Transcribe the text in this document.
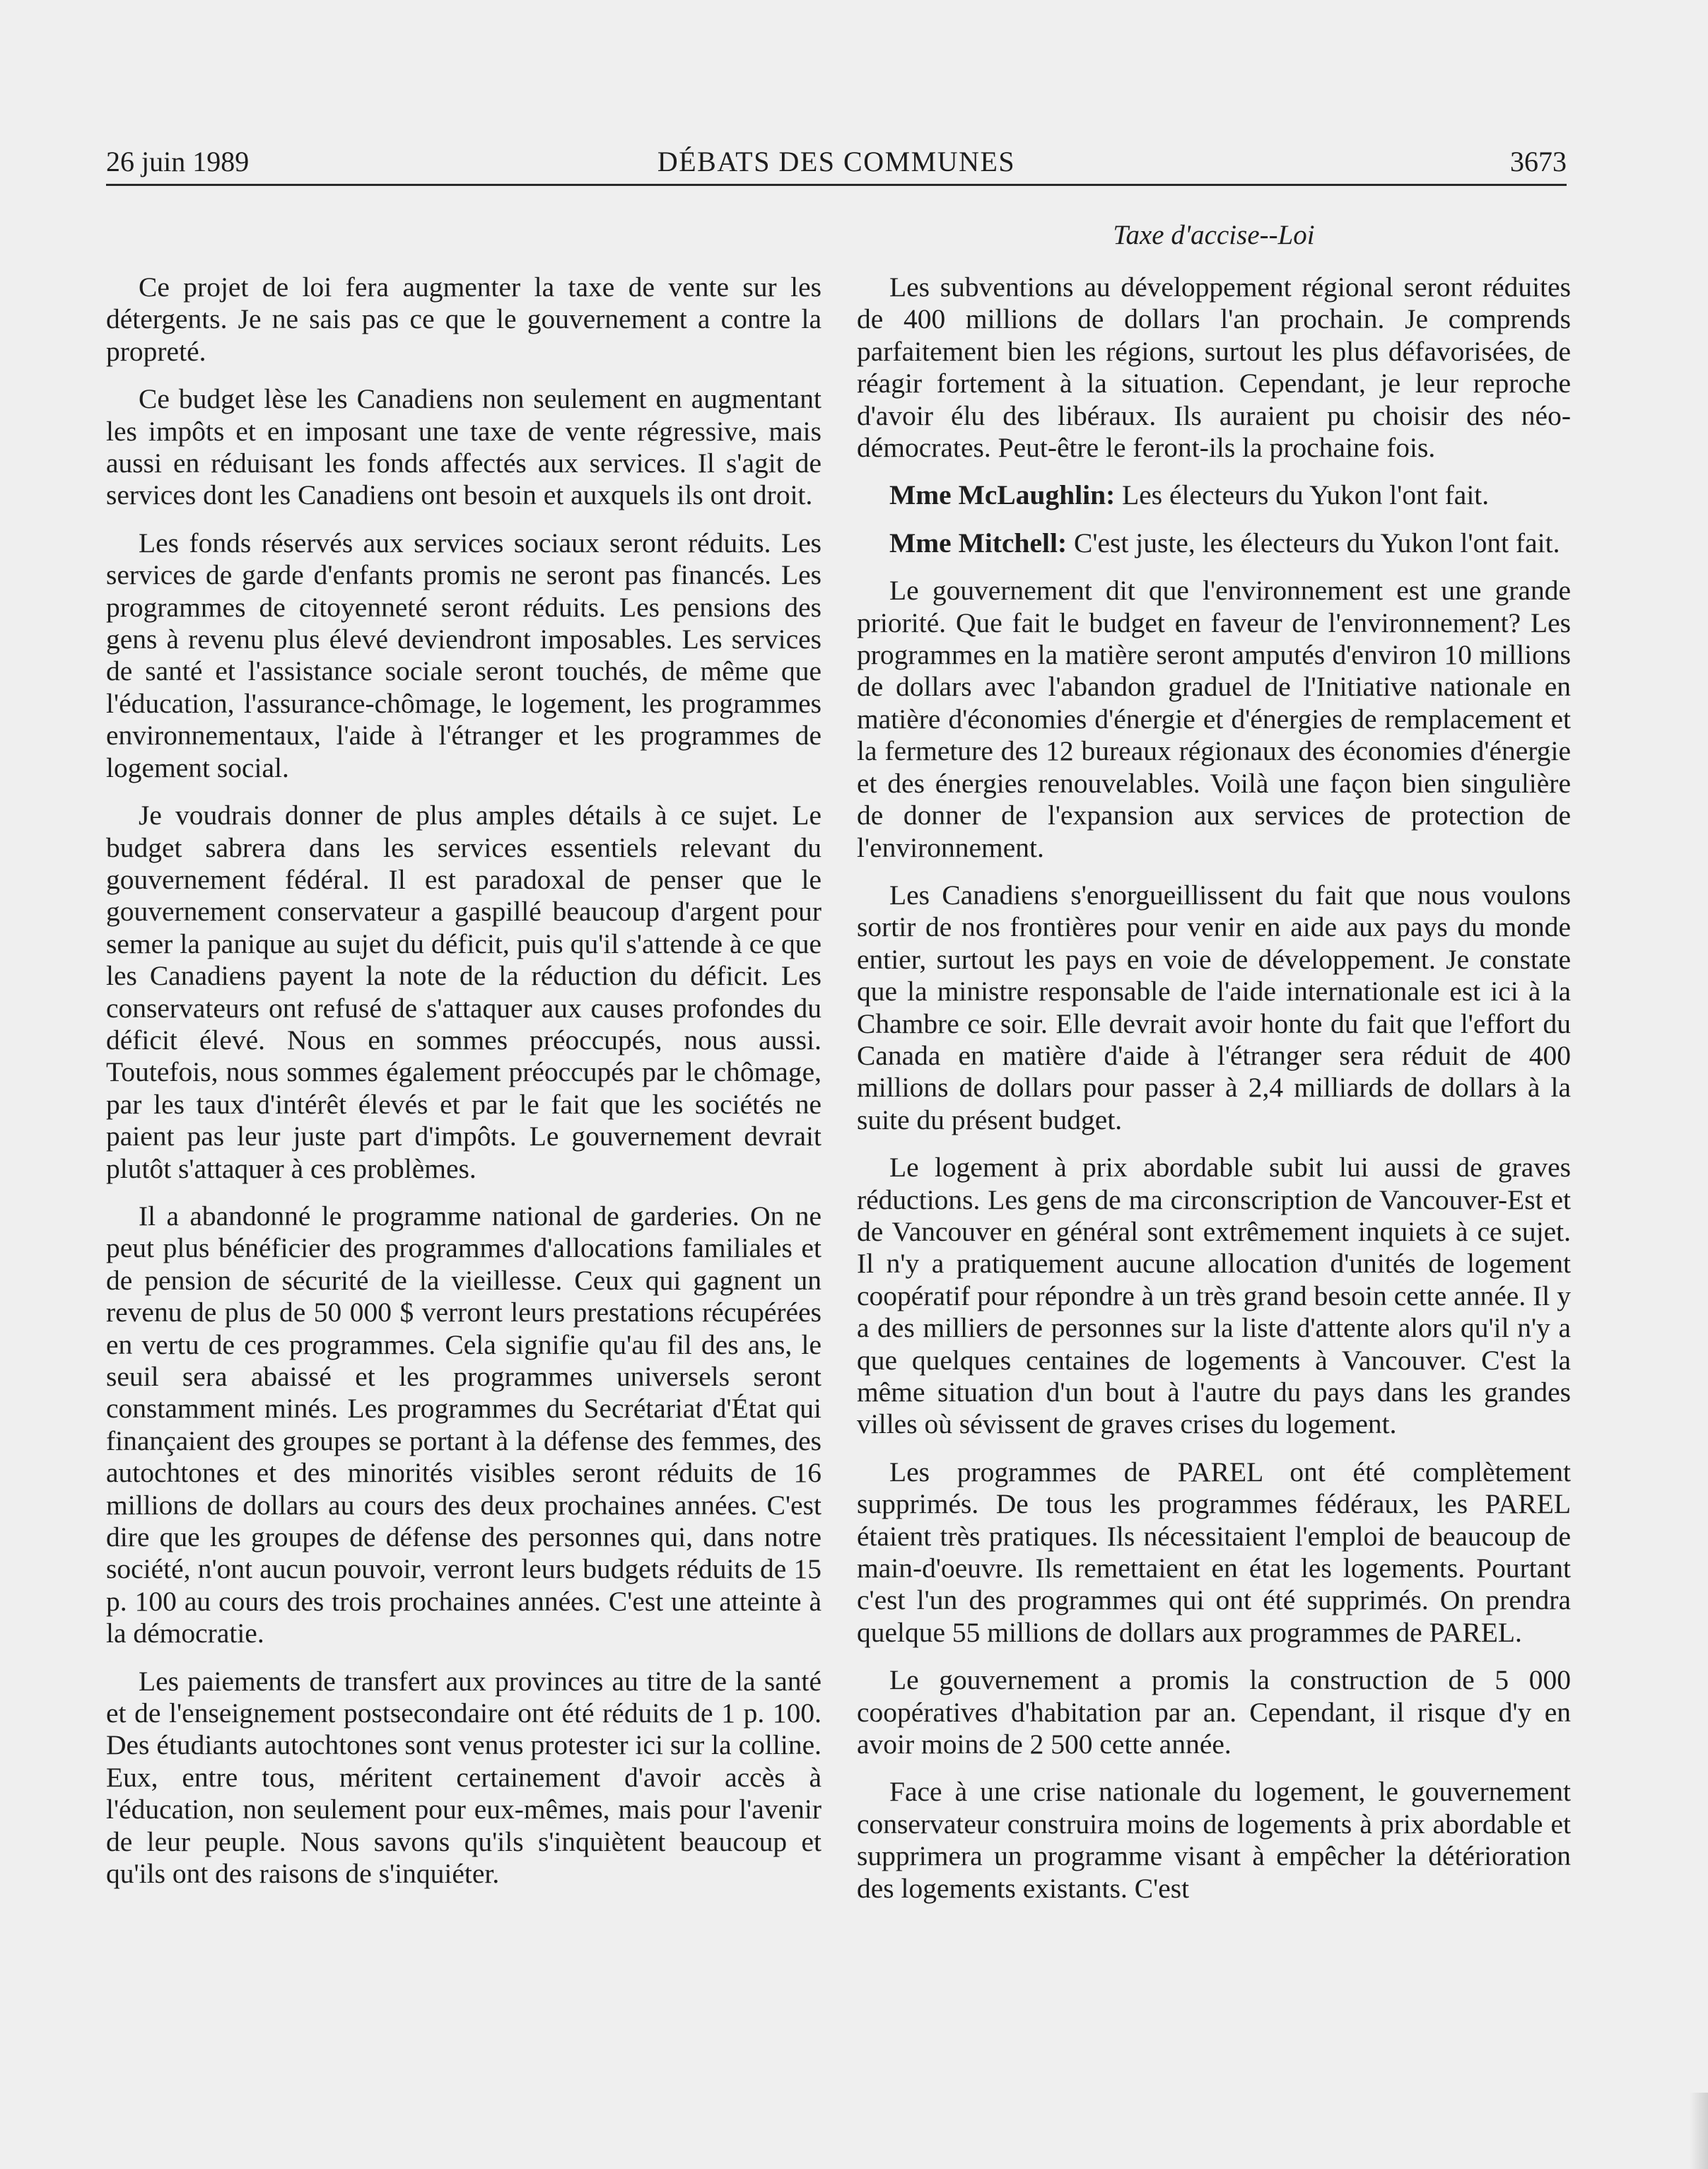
26 juin 1989	DÉBATS DES COMMUNES	3673
Taxe d'accise--Loi

Ce projet de loi fera augmenter la taxe de vente sur les détergents. Je ne sais pas ce que le gouvernement a contre la propreté.

Ce budget lèse les Canadiens non seulement en augmentant les impôts et en imposant une taxe de vente régressive, mais aussi en réduisant les fonds affectés aux services. Il s'agit de services dont les Canadiens ont besoin et auxquels ils ont droit.

Les fonds réservés aux services sociaux seront réduits. Les services de garde d'enfants promis ne seront pas financés. Les programmes de citoyenneté seront réduits. Les pensions des gens à revenu plus élevé deviendront imposables. Les services de santé et l'assistance sociale seront touchés, de même que l'éducation, l'assurance-chômage, le logement, les programmes environnementaux, l'aide à l'étranger et les programmes de logement social.

Je voudrais donner de plus amples détails à ce sujet. Le budget sabrera dans les services essentiels relevant du gouvernement fédéral. Il est paradoxal de penser que le gouvernement conservateur a gaspillé beaucoup d'argent pour semer la panique au sujet du déficit, puis qu'il s'attende à ce que les Canadiens payent la note de la réduction du déficit. Les conservateurs ont refusé de s'attaquer aux causes profondes du déficit élevé. Nous en sommes préoccupés, nous aussi. Toutefois, nous sommes également préoccupés par le chômage, par les taux d'intérêt élevés et par le fait que les sociétés ne paient pas leur juste part d'impôts. Le gouvernement devrait plutôt s'attaquer à ces problèmes.

Il a abandonné le programme national de garderies. On ne peut plus bénéficier des programmes d'allocations familiales et de pension de sécurité de la vieillesse. Ceux qui gagnent un revenu de plus de 50 000 $ verront leurs prestations récupérées en vertu de ces programmes. Cela signifie qu'au fil des ans, le seuil sera abaissé et les programmes universels seront constamment minés. Les programmes du Secrétariat d'État qui finançaient des groupes se portant à la défense des femmes, des autochtones et des minorités visibles seront réduits de 16 millions de dollars au cours des deux prochaines années. C'est dire que les groupes de défense des personnes qui, dans notre société, n'ont aucun pouvoir, verront leurs budgets réduits de 15 p. 100 au cours des trois prochaines années. C'est une atteinte à la démocratie.

Les paiements de transfert aux provinces au titre de la santé et de l'enseignement postsecondaire ont été réduits de 1 p. 100. Des étudiants autochtones sont venus protester ici sur la colline. Eux, entre tous, méritent certainement d'avoir accès à l'éducation, non seulement pour eux-mêmes, mais pour l'avenir de leur peuple. Nous savons qu'ils s'inquiètent beaucoup et qu'ils ont des raisons de s'inquiéter.

Les subventions au développement régional seront réduites de 400 millions de dollars l'an prochain. Je comprends parfaitement bien les régions, surtout les plus défavorisées, de réagir fortement à la situation. Cependant, je leur reproche d'avoir élu des libéraux. Ils auraient pu choisir des néo-démocrates. Peut-être le feront-ils la prochaine fois.

Mme McLaughlin: Les électeurs du Yukon l'ont fait.

Mme Mitchell: C'est juste, les électeurs du Yukon l'ont fait.

Le gouvernement dit que l'environnement est une grande priorité. Que fait le budget en faveur de l'environnement? Les programmes en la matière seront amputés d'environ 10 millions de dollars avec l'abandon graduel de l'Initiative nationale en matière d'économies d'énergie et d'énergies de remplacement et la fermeture des 12 bureaux régionaux des économies d'énergie et des énergies renouvelables. Voilà une façon bien singulière de donner de l'expansion aux services de protection de l'environnement.

Les Canadiens s'enorgueillissent du fait que nous voulons sortir de nos frontières pour venir en aide aux pays du monde entier, surtout les pays en voie de développement. Je constate que la ministre responsable de l'aide internationale est ici à la Chambre ce soir. Elle devrait avoir honte du fait que l'effort du Canada en matière d'aide à l'étranger sera réduit de 400 millions de dollars pour passer à 2,4 milliards de dollars à la suite du présent budget.

Le logement à prix abordable subit lui aussi de graves réductions. Les gens de ma circonscription de Vancouver-Est et de Vancouver en général sont extrêmement inquiets à ce sujet. Il n'y a pratiquement aucune allocation d'unités de logement coopératif pour répondre à un très grand besoin cette année. Il y a des milliers de personnes sur la liste d'attente alors qu'il n'y a que quelques centaines de logements à Vancouver. C'est la même situation d'un bout à l'autre du pays dans les grandes villes où sévissent de graves crises du logement.

Les programmes de PAREL ont été complètement supprimés. De tous les programmes fédéraux, les PAREL étaient très pratiques. Ils nécessitaient l'emploi de beaucoup de main-d'oeuvre. Ils remettaient en état les logements. Pourtant c'est l'un des programmes qui ont été supprimés. On prendra quelque 55 millions de dollars aux programmes de PAREL.

Le gouvernement a promis la construction de 5 000 coopératives d'habitation par an. Cependant, il risque d'y en avoir moins de 2 500 cette année.

Face à une crise nationale du logement, le gouvernement conservateur construira moins de logements à prix abordable et supprimera un programme visant à empêcher la détérioration des logements existants. C'est
